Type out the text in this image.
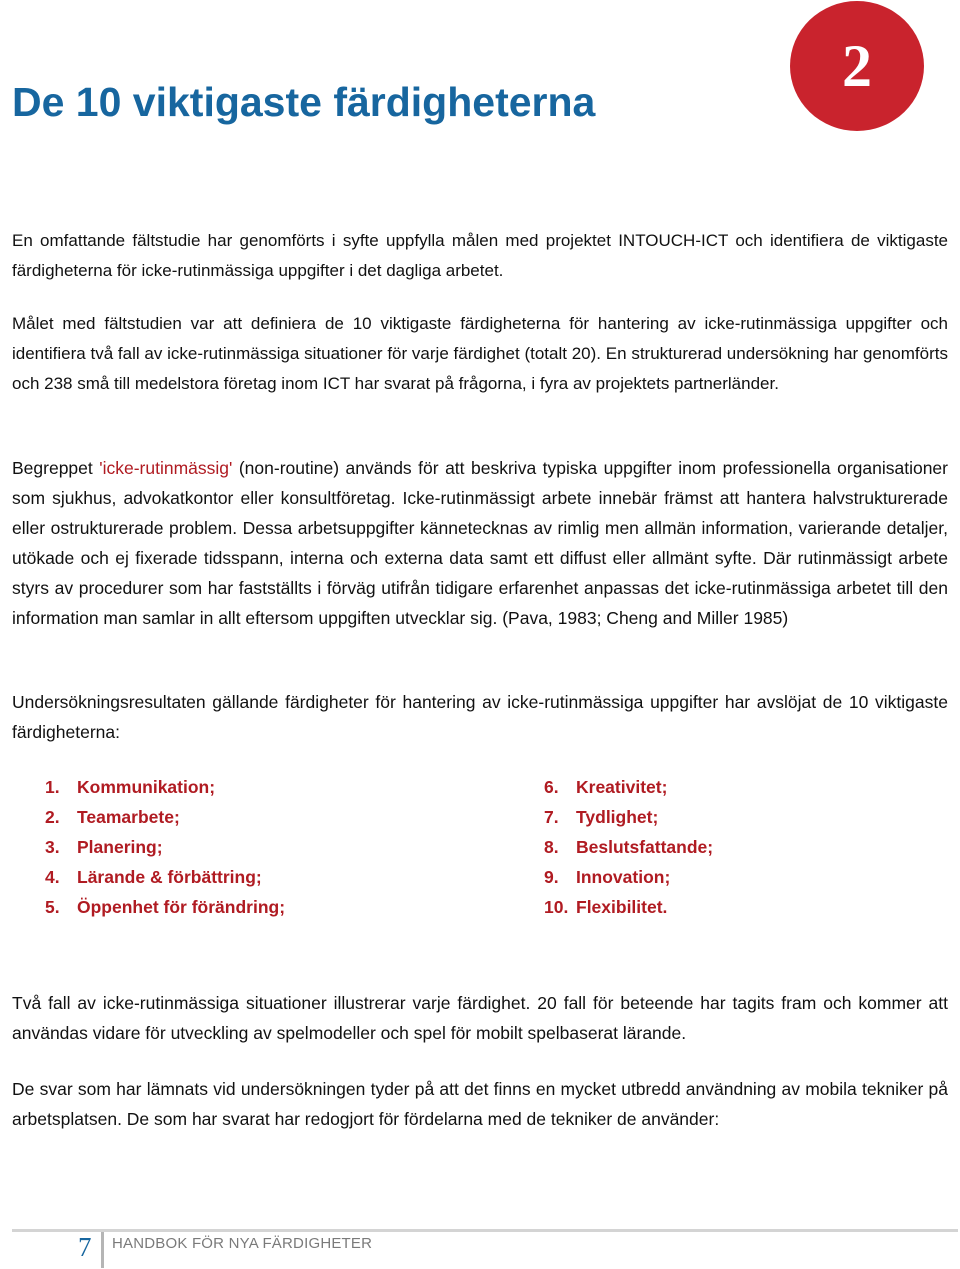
De 10 viktigaste färdigheterna
2

En omfattande fältstudie har genomförts i syfte uppfylla målen med projektet INTOUCH-ICT och identifiera de viktigaste färdigheterna för icke-rutinmässiga uppgifter i det dagliga arbetet.

Målet med fältstudien var att definiera de 10 viktigaste färdigheterna för hantering av icke-rutinmässiga uppgifter och identifiera två fall av icke-rutinmässiga situationer för varje färdighet (totalt 20). En strukturerad undersökning har genomförts och 238 små till medelstora företag inom ICT har svarat på frågorna, i fyra av projektets partnerländer.

Begreppet 'icke-rutinmässig' (non-routine) används för att beskriva typiska uppgifter inom professionella organisationer som sjukhus, advokatkontor eller konsultföretag. Icke-rutinmässigt arbete innebär främst att hantera halvstrukturerade eller ostrukturerade problem. Dessa arbetsuppgifter kännetecknas av rimlig men allmän information, varierande detaljer, utökade och ej fixerade tidsspann, interna och externa data samt ett diffust eller allmänt syfte. Där rutinmässigt arbete styrs av procedurer som har fastställts i förväg utifrån tidigare erfarenhet anpassas det icke-rutinmässiga arbetet till den information man samlar in allt eftersom uppgiften utvecklar sig. (Pava, 1983; Cheng and Miller 1985)

Undersökningsresultaten gällande färdigheter för hantering av icke-rutinmässiga uppgifter har avslöjat de 10 viktigaste färdigheterna:

1. Kommunikation;
2. Teamarbete;
3. Planering;
4. Lärande & förbättring;
5. Öppenhet för förändring;
6. Kreativitet;
7. Tydlighet;
8. Beslutsfattande;
9. Innovation;
10. Flexibilitet.

Två fall av icke-rutinmässiga situationer illustrerar varje färdighet. 20 fall för beteende har tagits fram och kommer att användas vidare för utveckling av spelmodeller och spel för mobilt spelbaserat lärande.

De svar som har lämnats vid undersökningen tyder på att det finns en mycket utbredd användning av mobila tekniker på arbetsplatsen. De som har svarat har redogjort för fördelarna med de tekniker de använder:

7 HANDBOK FÖR NYA FÄRDIGHETER
